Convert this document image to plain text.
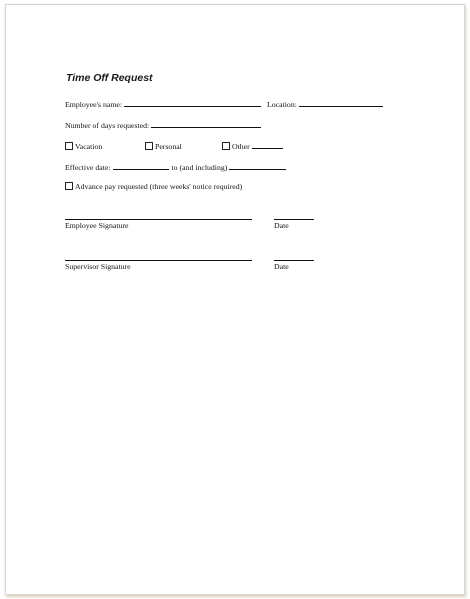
Time Off Request
Employee's name:	Location:
Number of days requested:
Vacation	Personal	Other
Effective date:	to (and including)
Advance pay requested (three weeks' notice required)
Employee Signature	Date
Supervisor Signature	Date
